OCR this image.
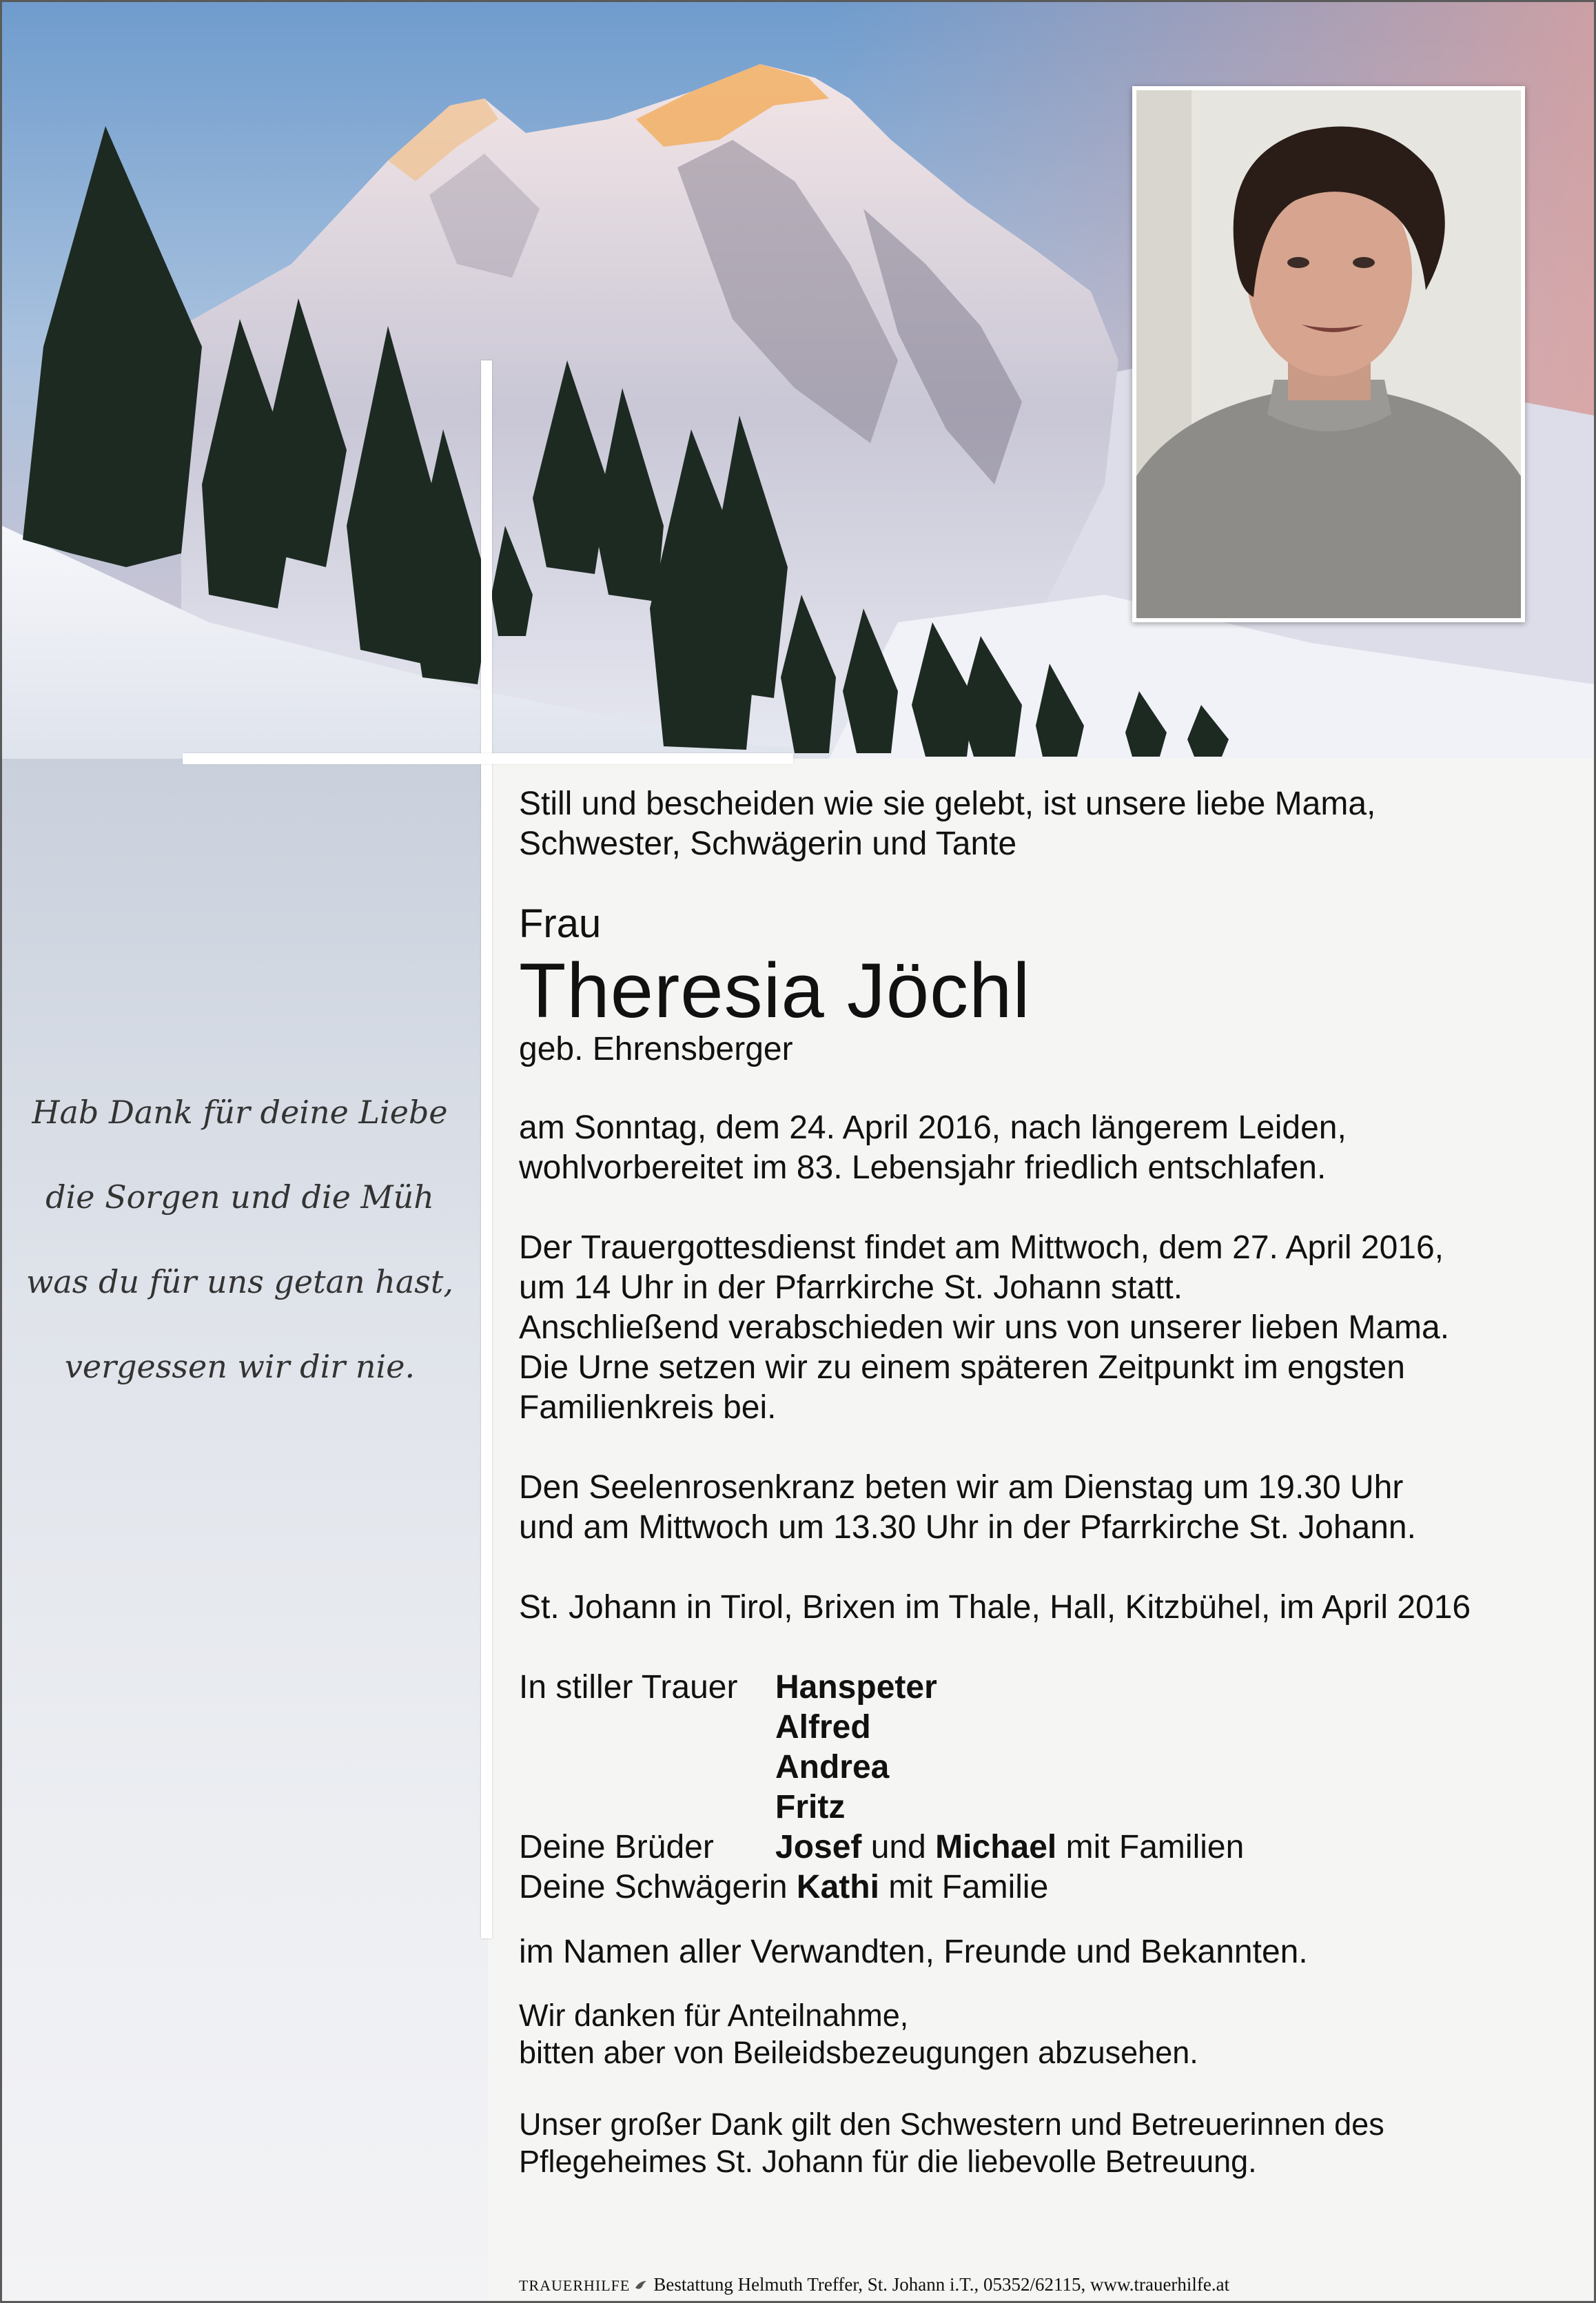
Hab Dank für deine Liebe
die Sorgen und die Müh
was du für uns getan hast,
vergessen wir dir nie.
Still und bescheiden wie sie gelebt, ist unsere liebe Mama,
Schwester, Schwägerin und Tante
Frau
Theresia Jöchl
geb. Ehrensberger
am Sonntag, dem 24. April 2016, nach längerem Leiden,
wohlvorbereitet im 83. Lebensjahr friedlich entschlafen.
Der Trauergottesdienst findet am Mittwoch, dem 27. April 2016,
um 14 Uhr in der Pfarrkirche St. Johann statt.
Anschließend verabschieden wir uns von unserer lieben Mama.
Die Urne setzen wir zu einem späteren Zeitpunkt im engsten
Familienkreis bei.
Den Seelenrosenkranz beten wir am Dienstag um 19.30 Uhr
und am Mittwoch um 13.30 Uhr in der Pfarrkirche St. Johann.
St. Johann in Tirol, Brixen im Thale, Hall, Kitzbühel, im April 2016
In stiller Trauer	Hanspeter
Alfred
Andrea
Fritz
Deine Brüder	Josef und Michael mit Familien
Deine Schwägerin Kathi mit Familie
im Namen aller Verwandten, Freunde und Bekannten.
Wir danken für Anteilnahme,
bitten aber von Beileidsbezeugungen abzusehen.
Unser großer Dank gilt den Schwestern und Betreuerinnen des
Pflegeheimes St. Johann für die liebevolle Betreuung.
TRAUERHILFE Bestattung Helmuth Treffer, St. Johann i.T., 05352/62115, www.trauerhilfe.at
